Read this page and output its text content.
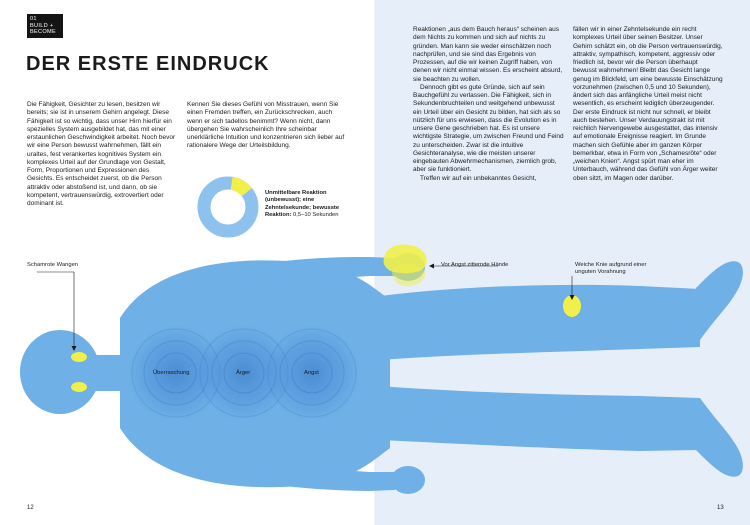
01
BUILD +
BECOME
DER ERSTE EINDRUCK

Die Fähigkeit, Gesichter zu lesen, besitzen wir bereits; sie ist in unserem Gehirn angelegt. Diese Fähigkeit ist so wichtig, dass unser Hirn hierfür ein spezielles System ausgebildet hat, das mit einer erstaunlichen Geschwindigkeit arbeitet. Noch bevor wir eine Person bewusst wahrnehmen, fällt ein uraltes, fest verankertes kognitives System ein komplexes Urteil auf der Grundlage von Gestalt, Form, Proportionen und Expressionen des Gesichts. Es entscheidet zuerst, ob die Person attraktiv oder abstoßend ist, und dann, ob sie kompetent, vertrauenswürdig, extrovertiert oder dominant ist.

Kennen Sie dieses Gefühl von Misstrauen, wenn Sie einen Fremden treffen, ein Zurückschrecken, auch wenn er sich tadellos benimmt? Wenn nicht, dann übergehen Sie wahrscheinlich Ihre scheinbar unerklärliche Intuition und konzentrieren sich lieber auf rationalere Wege der Urteilsbildung.

Reaktionen „aus dem Bauch heraus“ scheinen aus dem Nichts zu kommen und sich auf nichts zu gründen. Man kann sie weder einschätzen noch nachprüfen, und sie sind das Ergebnis von Prozessen, auf die wir keinen Zugriff haben, von denen wir nicht einmal wissen. Es erscheint absurd, sie beachten zu wollen.

Dennoch gibt es gute Gründe, sich auf sein Bauchgefühl zu verlassen. Die Fähigkeit, sich in Sekundenbruchteilen und weitgehend unbewusst ein Urteil über ein Gesicht zu bilden, hat sich als so nützlich für uns erwiesen, dass die Evolution es in unsere Gene geschrieben hat. Es ist unsere wichtigste Strategie, um zwischen Freund und Feind zu unterscheiden. Zwar ist die intuitive Gesichteranalyse, wie die meisten unserer eingebauten Abwehrmechanismen, ziemlich grob, aber sie funktioniert.

Treffen wir auf ein unbekanntes Gesicht,

fällen wir in einer Zehntelsekunde ein recht komplexes Urteil über seinen Besitzer. Unser Gehirn schätzt ein, ob die Person vertrauenswürdig, attraktiv, sympathisch, kompetent, aggressiv oder friedlich ist, bevor wir die Person überhaupt bewusst wahrnehmen! Bleibt das Gesicht lange genug im Blickfeld, um eine bewusste Einschätzung vorzunehmen (zwischen 0,5 und 10 Sekunden), ändert sich das anfängliche Urteil meist nicht wesentlich, es erscheint lediglich überzeugender. Der erste Eindruck ist nicht nur schnell, er bleibt auch bestehen. Unser Verdauungstrakt ist mit reichlich Nervengewebe ausgestattet, das intensiv auf emotionale Ereignisse reagiert. Im Grunde machen sich Gefühle aber im ganzen Körper bemerkbar, etwa in Form von „Schamesröte“ oder „weichen Knien“. Angst spürt man eher im Unterbauch, während das Gefühl von Ärger weiter oben sitzt, im Magen oder darüber.

Unmittelbare Reaktion (unbewusst); eine Zehntelsekunde; bewusste Reaktion: 0,5–10 Sekunden
Schamrote Wangen	Vor Angst zitternde Hände	Weiche Knie aufgrund einer
unguten Vorahnung
Überraschung	Ärger	Angst
12	13
